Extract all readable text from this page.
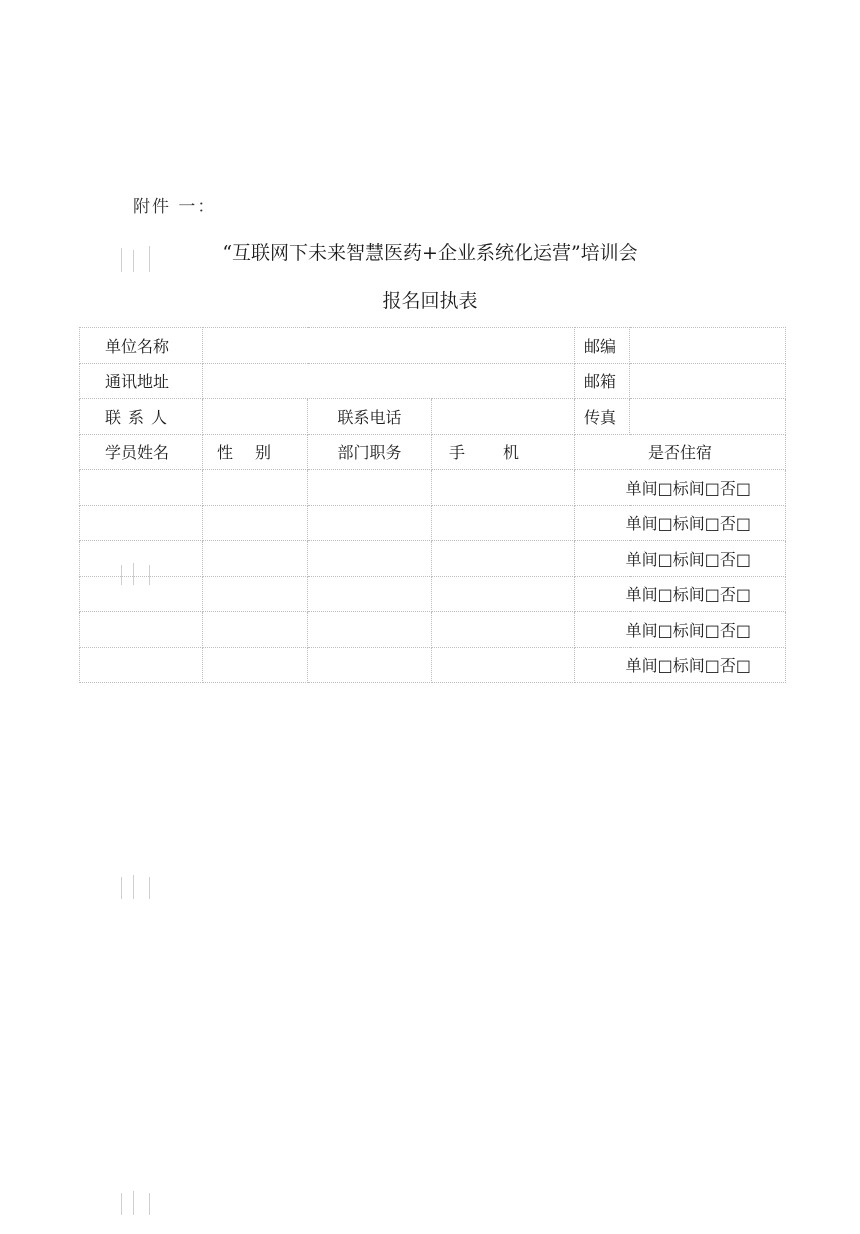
附件 一：
“互联网下未来智慧医药+企业系统化运营”培训会
报名回执表
单位名称				邮编	
通讯地址				邮箱	
联系人		联系电话		传真	
学员姓名	性别	部门职务	手机	是否住宿	
				单间□标间□否□	
				单间□标间□否□	
				单间□标间□否□	
				单间□标间□否□	
				单间□标间□否□	
				单间□标间□否□	
